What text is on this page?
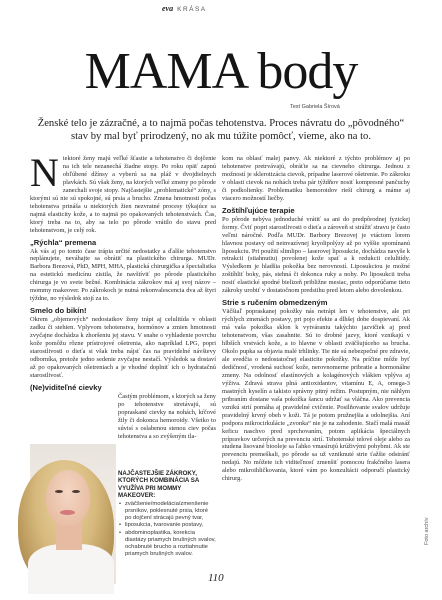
eva KRÁSA
MAMA body
Text Gabriela Šírová
Ženské telo je zázračné, a to najmä počas tehotenstva. Proces návratu do „pôvodného“ stav by mal byť prirodzený, no ak mu túžite pomôcť, vieme, ako na to.

Niektoré ženy majú veľké šťastie a tehotenstvo či dojčenie na ich tele nezanechá žiadne stopy. Po roku opäť zapnú obľúbené džínsy a vyberú sa na pláž v dvojdielnych plavkách. Sú však ženy, na ktorých veľké zmeny po pôrode zanechali svoje stopy. Najčastejšie „problematické“ zóny, s ktorými sú nie sú spokojné, sú prsia a brucho. Zmena hmotnosti počas tehotenstva prináša u niektorých žien nezvratné procesy týkajúce sa najmä elasticity kože, a to najmä po opakovaných tehotenstvách. Čas, ktorý treba na to, aby sa telo po pôrode vrátilo do stavu pred tehotenstvom, je celý rok.

„Rýchla“ premena

Ak vás aj po tomto čase trápia určité nedostatky a ďalšie tehotenstvo neplánujete, neváhajte sa obrátiť na plastického chirurga. MUDr. Barbora Brezová, PhD, MPH, MHA, plastická chirurgička a špecialistka na estetickú medicínu zistila, že navštíviť po pôrode plastického chirurga je vo svete bežné. Kombinácia zákrokov má aj svoj názov – mommy makeover. Po zákrokoch je nutná rekonvalescencia dva až štyri týždne, no výsledok stojí za to.

Smelo do bikín!

Okrem „objemových“ nedostatkov ženy trápi aj celulitída v oblasti zadku či stehien. Vplyvom tehotenstva, hormónov a zmien hmotnosti zvyčajne dochádza k zhoršeniu jej stavu. V snahe o vyhladenie povrchu kože pomôžu rôzne prístrojové ošetrenia, ako napríklad LPG, popri starostlivosti o dieťa si však treba nájsť čas na pravidelné návštevy odborníka, pretože jedno sedenie zvyčajne nestačí. Výsledok sa dostaví až po opakovaných ošetreniach a je vhodné doplniť ich o hydratačnú starostlivosť.

(Ne)viditeľné cievky

Častým problémom, s ktorých sa ženy po tehotenstve stretávajú, sú popraskané cievky na nohách, kŕčové žily či dokonca hemoroidy. Všetko to súvisí s oslabenou stenou ciev počas tehotenstva a so zvýšeným tla-

NAJČASTEJŠIE ZÁKROKY, KTORÝCH KOMBINÁCIA SA VYUŽÍVA PRI MOMMY MAKEOVER:
• zväčšenie/modelácia/zmenšenie prsníkov, poklesnuté prsia, ktoré po dojčení strácajú pevný tvar,
• liposukcia, tvarovanie postavy,
• abdominoplastika, korekcia diastázy priamych brušných svalov, ochabnuté brucho a roztiahnutie priamych brušných svalov.

kom na oblasť malej panvy. Ak niektoré z týchto problémov aj po tehotenstve pretrvávajú, obráťte sa na cievneho chirurga. Jednou z možností je sklerotizácia cievok, prípadne laserové ošetrenie. Po zákroku v oblasti cievok na nohách treba pár týždňov nosiť kompresné pančuchy či podkolienky. Problematiku hemoroidov rieši chirurg a máme aj viacero možností liečby.

Zoštíhľujúce terapie

Po pôrode nebýva jednoduché vrátiť sa ani do predpôrodnej fyzickej formy. Čviť popri starostlivosti o dieťa a zároveň si strážiť stravu je často veľmi náročné. Podľa MUDr. Barbory Brezovej je vtáctom lorem hlavnou postavy od neinvazívnej kryolipolýzy až po vyššie spomínanú liposukciu. Pri použití slimlipo – laserovej liposukcie, dochádza navyše k retrakcii (stiahnutiu) povolenej kože spať a k redukcii celulitídy. Výsledkom je hladšia pokožka bez nerovností. Liposukciou je možné zoštíhliť boky, pás, stehná či dokonca ruky a nohy. Po liposukcii treba nosiť elastické spodné bielizeň približne mesiac, preto odporúčame tieto zákroky urobiť v dostatočnom predstihu pred letom alebo dovolenkou.

Strie s ručením obmedzeným

Väčšiaľ popraskanej pokožky nás netrápi len v tehotenstve, ale pri rýchlych zmenách postavy, pri pojo efekte a dlhšej dobe dospievaní. Ak má vaša pokožka sklon k vytváraniu takýchto jazvičiek aj pred tehotenstvom, všas zasahnite. Sú to drobné jazvy, ktoré vznikajú v hlbších vrstvách kože, a to hlavne v oblasti zväčšujúceho sa brucha. Okolo pupka sa objavia malé trhlinky. Tie nie sú nebezpečné pre zdravie, ale svedčia o nedostatočnej elasticite pokožky. Na príčine môže byť dedičnosť, vrodená suchosť kože, nerovnomerne pribratie a hormonálne zmeny. Na odolnosť elastínových a kolagénových vlákien vplýva aj výživa. Zdravá strava plná antioxidantov, vitamínu E, A, omega-3 mastných kyselín a takisto správny pitný režim. Postupným, nie náhlym pribraním dostane vaša pokožka šancu udržať sa vláčna. Ako prevencia vznikú strií pomáha aj pravidelné cvičenie. Posilňovanie svalov udržuje pravidelný krvný obeh v koži. Tá je potom pružnejšia a odolnejšia. Aní podpora mikrocirkulácie „zvonka“ nie je na zahodenie. Stačí malá masáž keficu naschvo pred sprchovaním, potom aplikácia špeciálnych prípravkov určených na prevenciu strií. Tehotenské telové oleje alebo za studena lisované bioolejе sa ľahko vmasírujú krúživými pohybmi. Ak ste prevenciu premeškali, po pôrode sa už vzniknuté strie ťažšie odstránť nedajú. No môžete ich viditeľnosť zmenšiť pomocou frakčného lasera alebo mikroihličkovania, ktoré vám po konzultácii odporučí plastický chirurg.

110
Foto archív
